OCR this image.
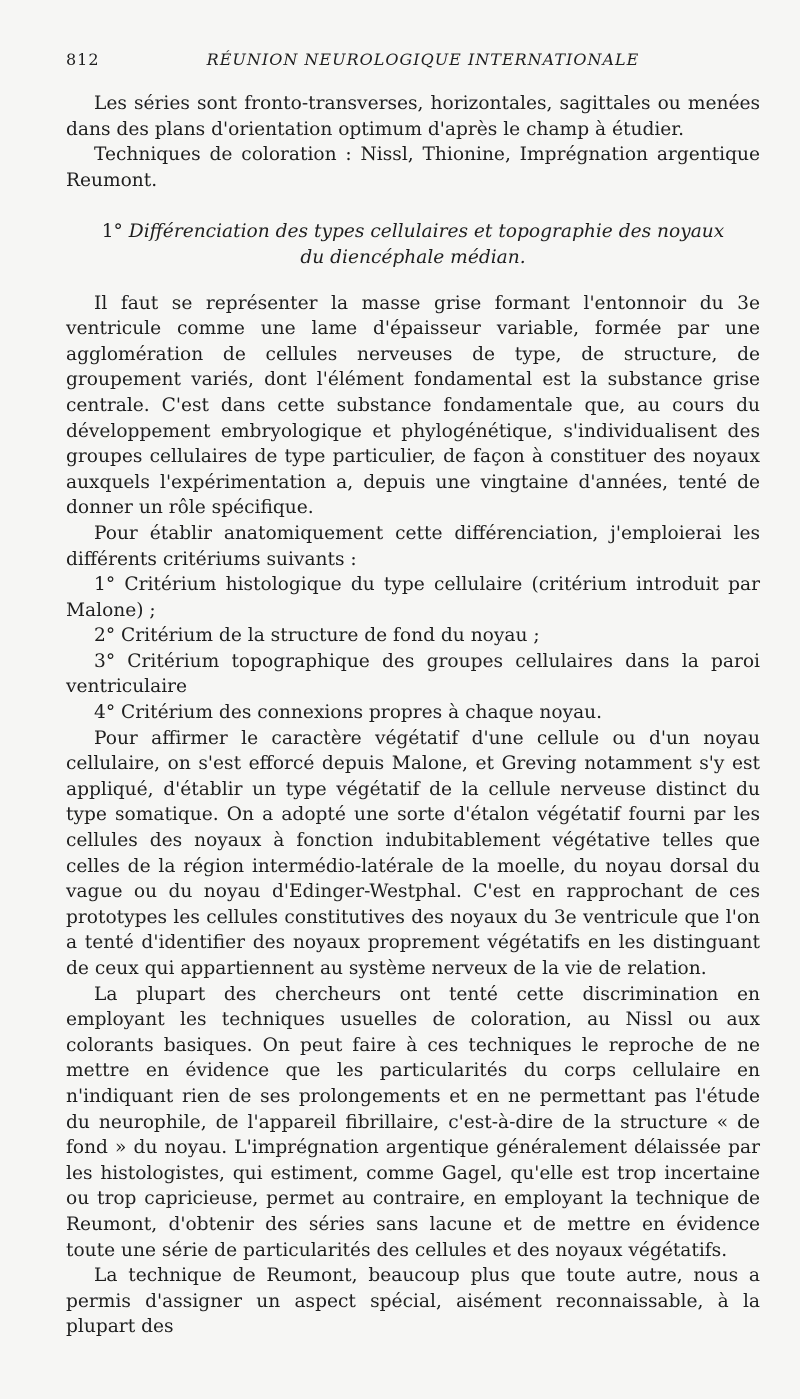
812	RÉUNION NEUROLOGIQUE INTERNATIONALE

Les séries sont fronto-transverses, horizontales, sagittales ou menées dans des plans d'orientation optimum d'après le champ à étudier.

Techniques de coloration : Nissl, Thionine, Imprégnation argentique Reumont.

1° Différenciation des types cellulaires et topographie des noyaux
du diencéphale médian.

Il faut se représenter la masse grise formant l'entonnoir du 3e ventricule comme une lame d'épaisseur variable, formée par une agglomération de cellules nerveuses de type, de structure, de groupement variés, dont l'élément fondamental est la substance grise centrale. C'est dans cette substance fondamentale que, au cours du développement embryologique et phylogénétique, s'individualisent des groupes cellulaires de type particulier, de façon à constituer des noyaux auxquels l'expérimentation a, depuis une vingtaine d'années, tenté de donner un rôle spécifique.

Pour établir anatomiquement cette différenciation, j'emploierai les différents critériums suivants :

1° Critérium histologique du type cellulaire (critérium introduit par Malone) ;

2° Critérium de la structure de fond du noyau ;

3° Critérium topographique des groupes cellulaires dans la paroi ventriculaire

4° Critérium des connexions propres à chaque noyau.

Pour affirmer le caractère végétatif d'une cellule ou d'un noyau cellulaire, on s'est efforcé depuis Malone, et Greving notamment s'y est appliqué, d'établir un type végétatif de la cellule nerveuse distinct du type somatique. On a adopté une sorte d'étalon végétatif fourni par les cellules des noyaux à fonction indubitablement végétative telles que celles de la région intermédio-latérale de la moelle, du noyau dorsal du vague ou du noyau d'Edinger-Westphal. C'est en rapprochant de ces prototypes les cellules constitutives des noyaux du 3e ventricule que l'on a tenté d'identifier des noyaux proprement végétatifs en les distinguant de ceux qui appartiennent au système nerveux de la vie de relation.

La plupart des chercheurs ont tenté cette discrimination en employant les techniques usuelles de coloration, au Nissl ou aux colorants basiques. On peut faire à ces techniques le reproche de ne mettre en évidence que les particularités du corps cellulaire en n'indiquant rien de ses prolongements et en ne permettant pas l'étude du neurophile, de l'appareil fibrillaire, c'est-à-dire de la structure « de fond » du noyau. L'imprégnation argentique généralement délaissée par les histologistes, qui estiment, comme Gagel, qu'elle est trop incertaine ou trop capricieuse, permet au contraire, en employant la technique de Reumont, d'obtenir des séries sans lacune et de mettre en évidence toute une série de particularités des cellules et des noyaux végétatifs.

La technique de Reumont, beaucoup plus que toute autre, nous a permis d'assigner un aspect spécial, aisément reconnaissable, à la plupart des
